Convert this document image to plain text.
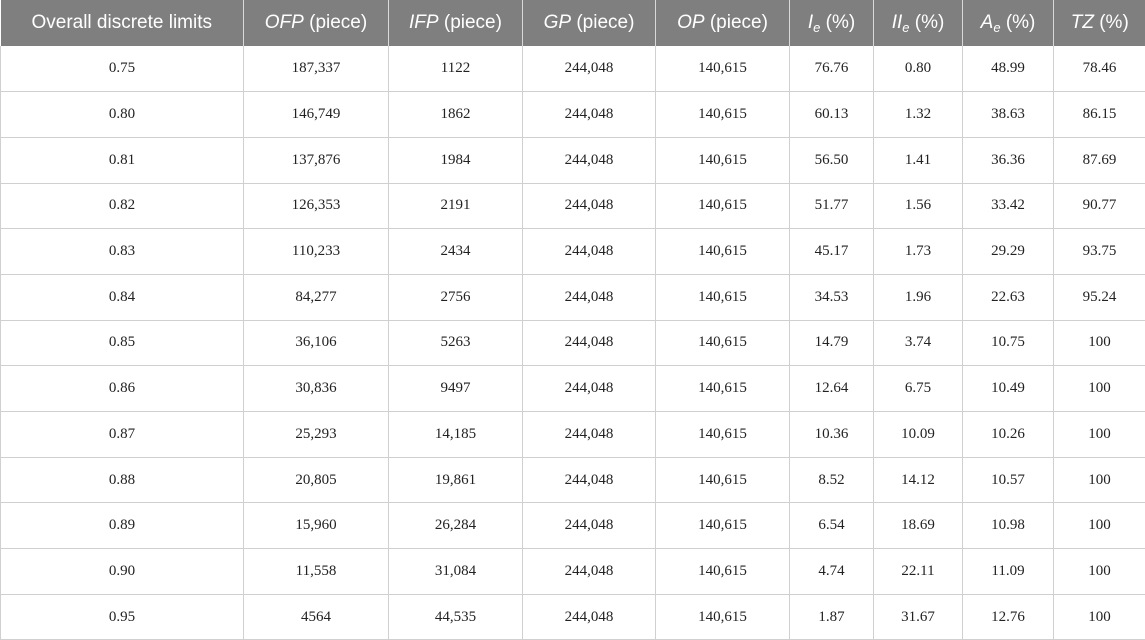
Overall discrete limits	OFP (piece)	IFP (piece)	GP (piece)	OP (piece)	$I_e$ (%)	$II_e$ (%)	$A_e$ (%)	TZ (%)
0.75	187,337	1122	244,048	140,615	76.76	0.80	48.99	78.46
0.80	146,749	1862	244,048	140,615	60.13	1.32	38.63	86.15
0.81	137,876	1984	244,048	140,615	56.50	1.41	36.36	87.69
0.82	126,353	2191	244,048	140,615	51.77	1.56	33.42	90.77
0.83	110,233	2434	244,048	140,615	45.17	1.73	29.29	93.75
0.84	84,277	2756	244,048	140,615	34.53	1.96	22.63	95.24
0.85	36,106	5263	244,048	140,615	14.79	3.74	10.75	100
0.86	30,836	9497	244,048	140,615	12.64	6.75	10.49	100
0.87	25,293	14,185	244,048	140,615	10.36	10.09	10.26	100
0.88	20,805	19,861	244,048	140,615	8.52	14.12	10.57	100
0.89	15,960	26,284	244,048	140,615	6.54	18.69	10.98	100
0.90	11,558	31,084	244,048	140,615	4.74	22.11	11.09	100
0.95	4564	44,535	244,048	140,615	1.87	31.67	12.76	100
